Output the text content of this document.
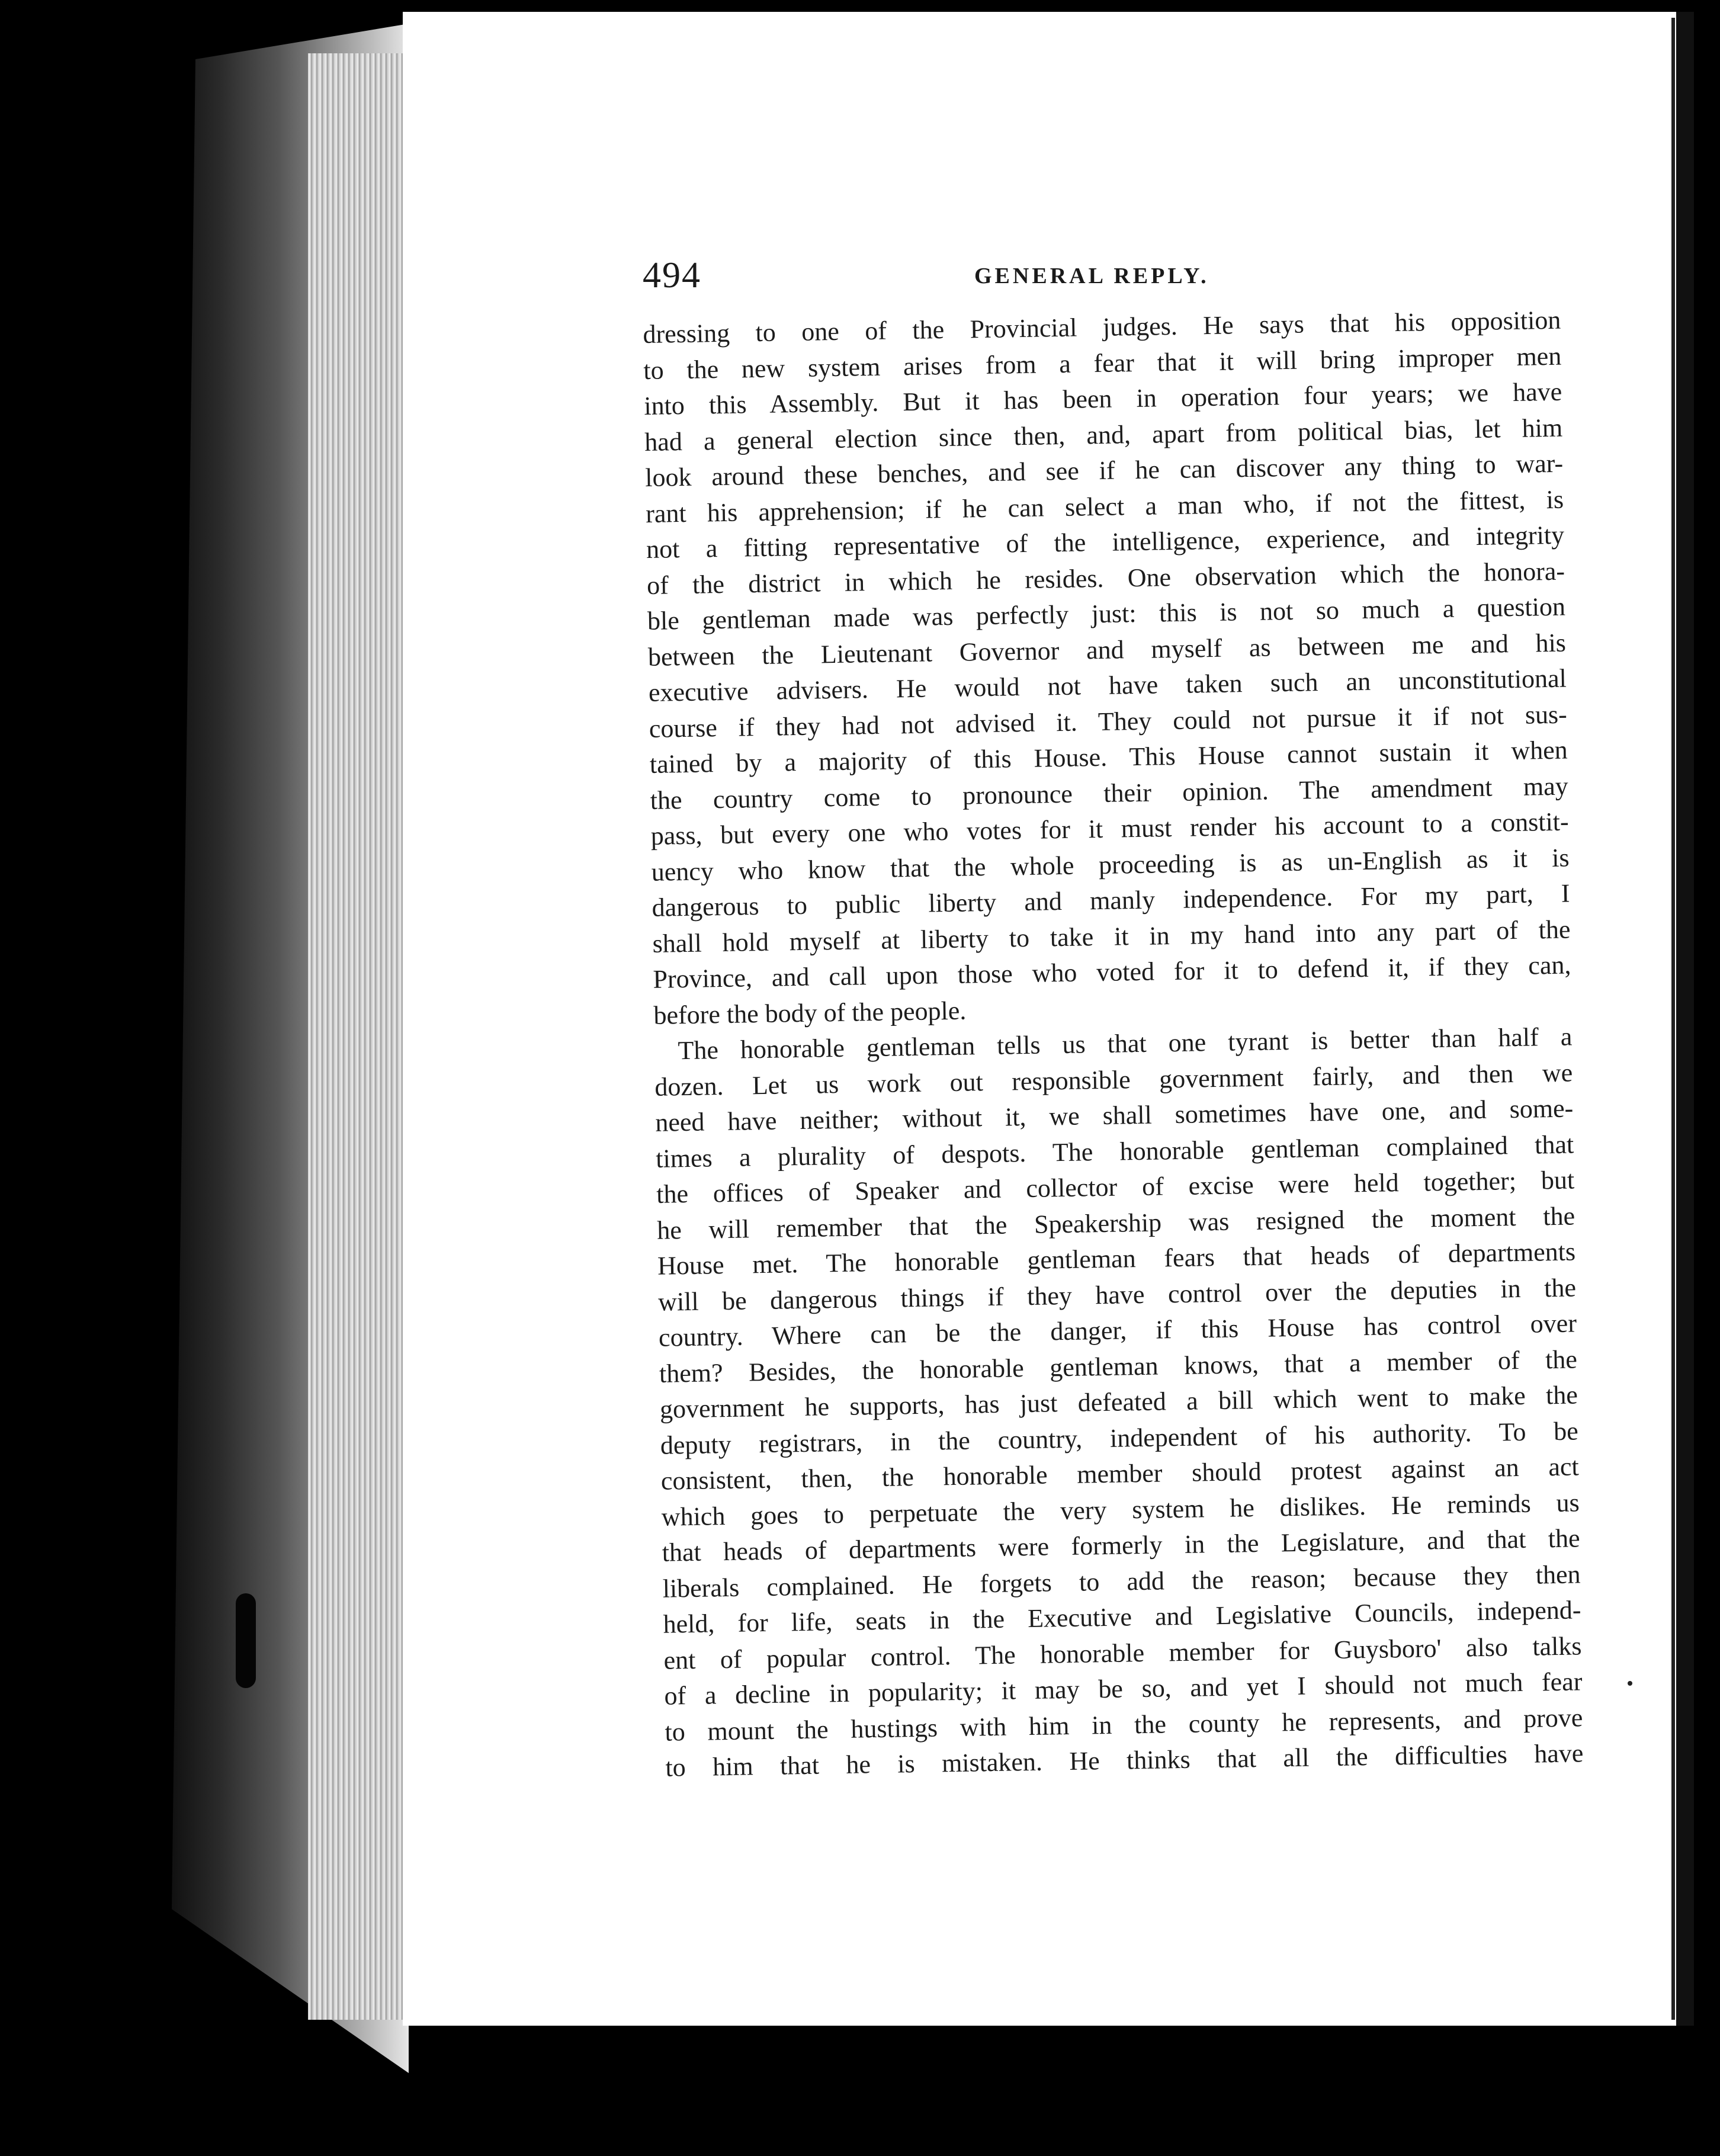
494	GENERAL REPLY.
dressing to one of the Provincial judges. He says that his opposition
to the new system arises from a fear that it will bring improper men
into this Assembly. But it has been in operation four years; we have
had a general election since then, and, apart from political bias, let him
look around these benches, and see if he can discover any thing to war-
rant his apprehension; if he can select a man who, if not the fittest, is
not a fitting representative of the intelligence, experience, and integrity
of the district in which he resides. One observation which the honora-
ble gentleman made was perfectly just: this is not so much a question
between the Lieutenant Governor and myself as between me and his
executive advisers. He would not have taken such an unconstitutional
course if they had not advised it. They could not pursue it if not sus-
tained by a majority of this House. This House cannot sustain it when
the country come to pronounce their opinion. The amendment may
pass, but every one who votes for it must render his account to a constit-
uency who know that the whole proceeding is as un-English as it is
dangerous to public liberty and manly independence. For my part, I
shall hold myself at liberty to take it in my hand into any part of the
Province, and call upon those who voted for it to defend it, if they can,
before the body of the people.
The honorable gentleman tells us that one tyrant is better than half a
dozen. Let us work out responsible government fairly, and then we
need have neither; without it, we shall sometimes have one, and some-
times a plurality of despots. The honorable gentleman complained that
the offices of Speaker and collector of excise were held together; but
he will remember that the Speakership was resigned the moment the
House met. The honorable gentleman fears that heads of departments
will be dangerous things if they have control over the deputies in the
country. Where can be the danger, if this House has control over
them? Besides, the honorable gentleman knows, that a member of the
government he supports, has just defeated a bill which went to make the
deputy registrars, in the country, independent of his authority. To be
consistent, then, the honorable member should protest against an act
which goes to perpetuate the very system he dislikes. He reminds us
that heads of departments were formerly in the Legislature, and that the
liberals complained. He forgets to add the reason; because they then
held, for life, seats in the Executive and Legislative Councils, independ-
ent of popular control. The honorable member for Guysboro' also talks
of a decline in popularity; it may be so, and yet I should not much fear
to mount the hustings with him in the county he represents, and prove
to him that he is mistaken. He thinks that all the difficulties have
